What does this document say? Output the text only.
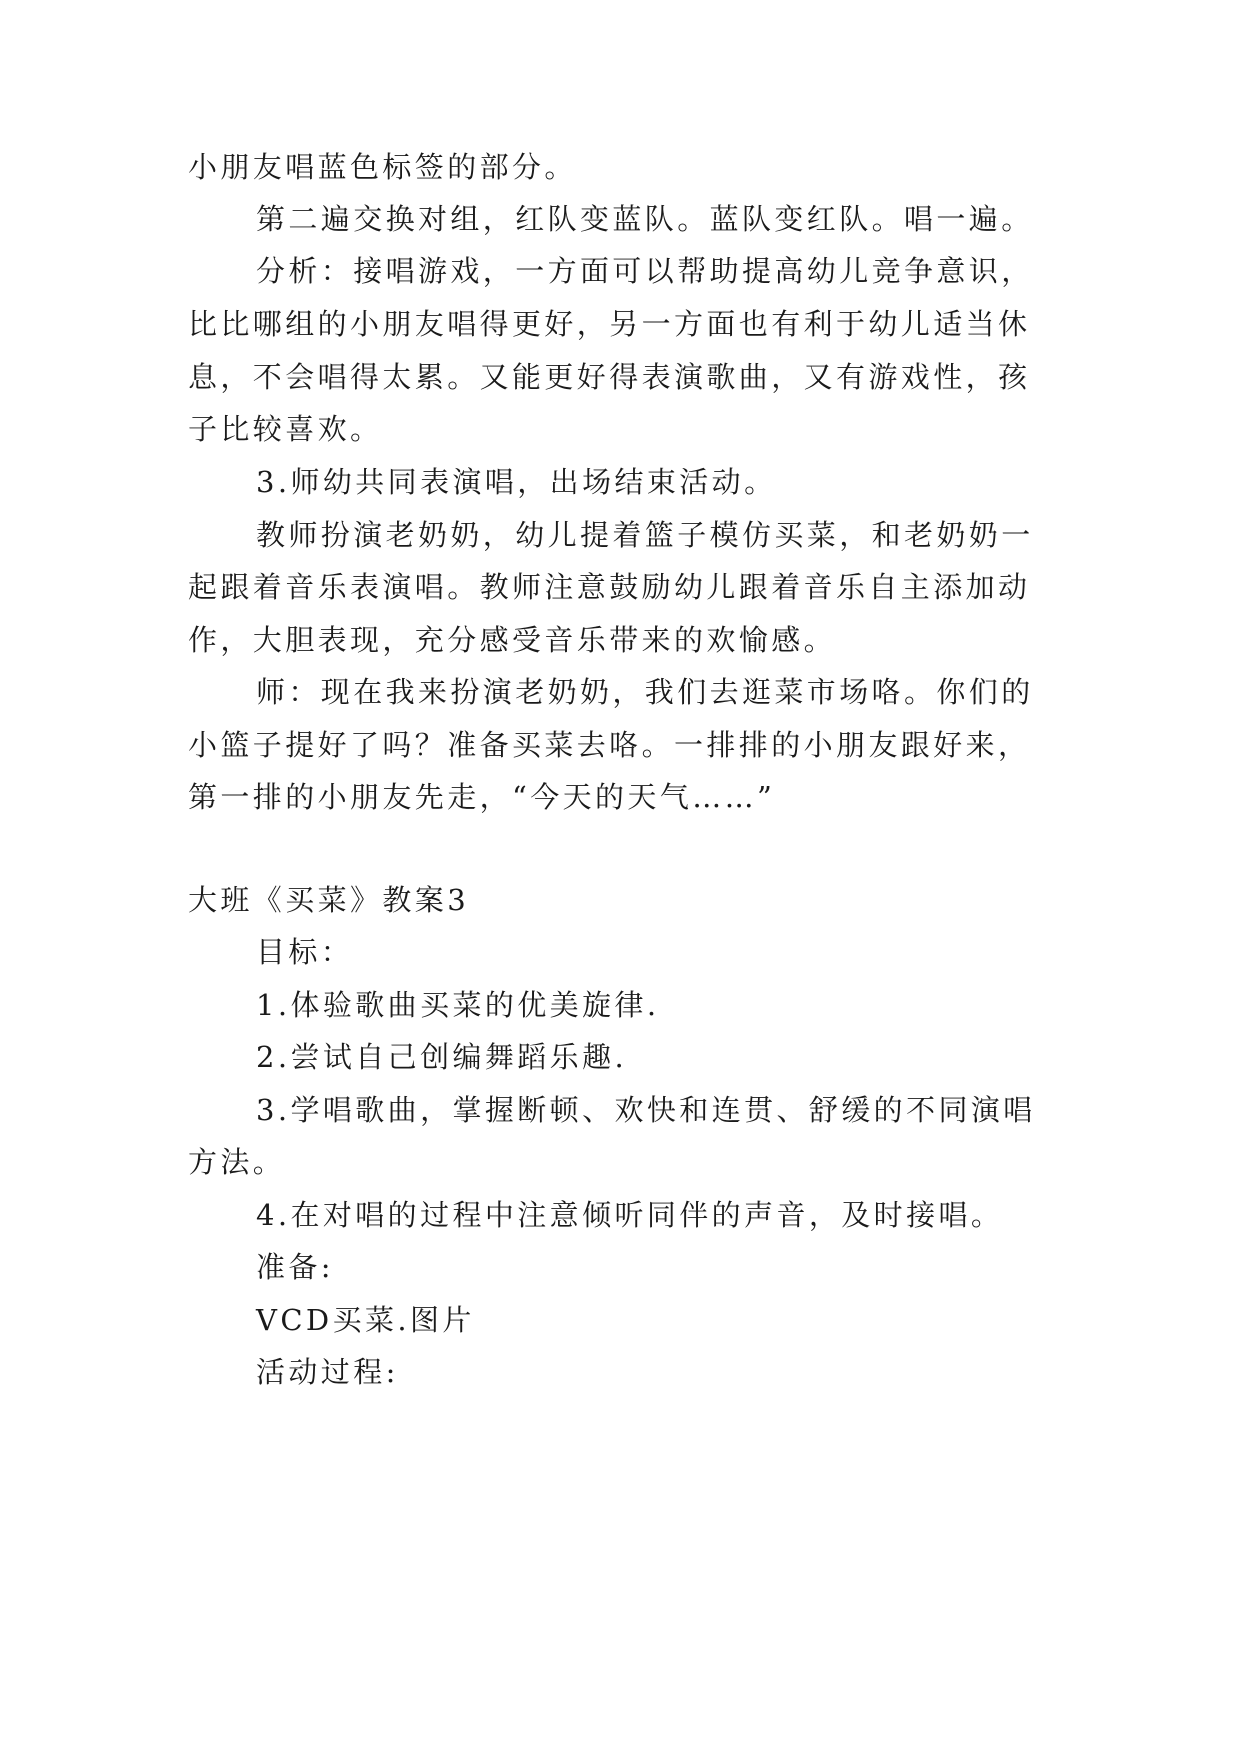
小朋友唱蓝色标签的部分。
第二遍交换对组，红队变蓝队。蓝队变红队。唱一遍。
分析：接唱游戏，一方面可以帮助提高幼儿竞争意识，
比比哪组的小朋友唱得更好，另一方面也有利于幼儿适当休
息，不会唱得太累。又能更好得表演歌曲，又有游戏性，孩
子比较喜欢。
3.师幼共同表演唱，出场结束活动。
教师扮演老奶奶，幼儿提着篮子模仿买菜，和老奶奶一
起跟着音乐表演唱。教师注意鼓励幼儿跟着音乐自主添加动
作，大胆表现，充分感受音乐带来的欢愉感。
师：现在我来扮演老奶奶，我们去逛菜市场咯。你们的
小篮子提好了吗？准备买菜去咯。一排排的小朋友跟好来，
第一排的小朋友先走，“今天的天气……”
大班《买菜》教案3
目标：
1.体验歌曲买菜的优美旋律.
2.尝试自己创编舞蹈乐趣.
3.学唱歌曲，掌握断顿、欢快和连贯、舒缓的不同演唱
方法。
4.在对唱的过程中注意倾听同伴的声音，及时接唱。
准备:
VCD买菜.图片
活动过程:
